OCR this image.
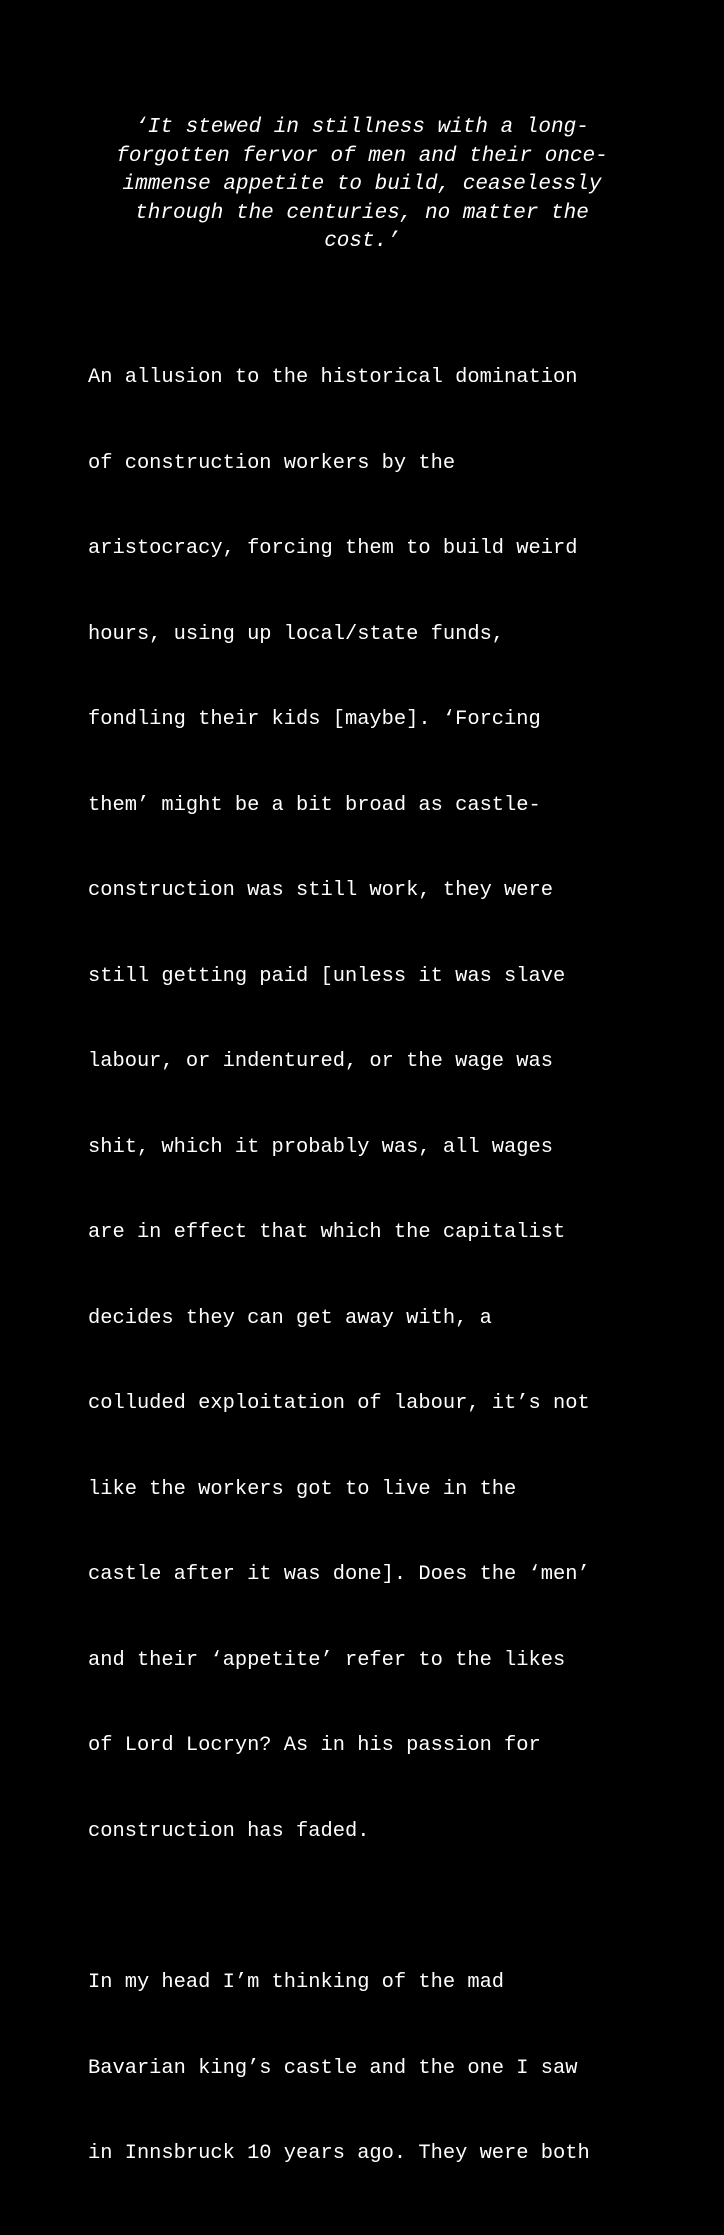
‘It stewed in stillness with a long-
forgotten fervor of men and their once-
immense appetite to build, ceaselessly
through the centuries, no matter the
cost.’

An allusion to the historical domination

of construction workers by the

aristocracy, forcing them to build weird

hours, using up local/state funds,

fondling their kids [maybe]. ‘Forcing

them’ might be a bit broad as castle-

construction was still work, they were

still getting paid [unless it was slave

labour, or indentured, or the wage was

shit, which it probably was, all wages

are in effect that which the capitalist

decides they can get away with, a

colluded exploitation of labour, it’s not

like the workers got to live in the

castle after it was done]. Does the ‘men’

and their ‘appetite’ refer to the likes

of Lord Locryn? As in his passion for

construction has faded.

In my head I’m thinking of the mad

Bavarian king’s castle and the one I saw

in Innsbruck 10 years ago. They were both
